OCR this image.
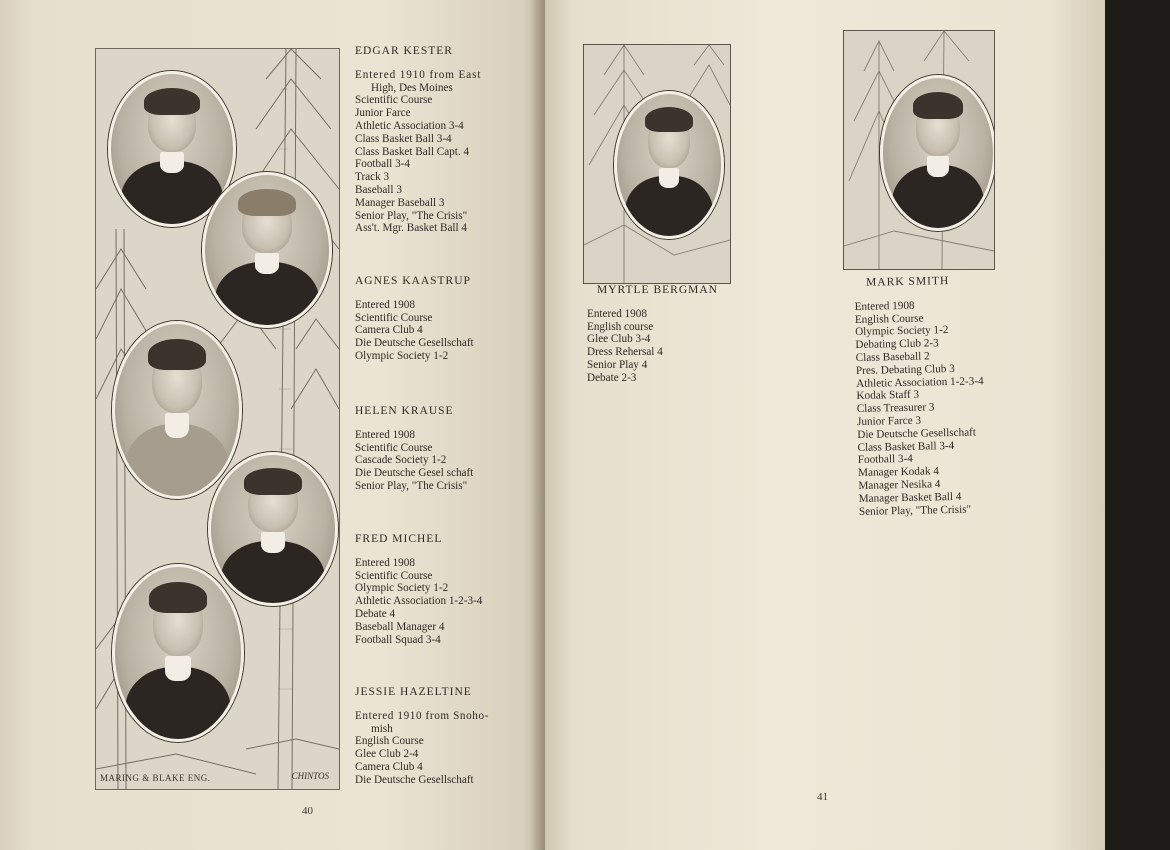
MARING & BLAKE ENG.	CHINTOS
EDGAR KESTER
Entered 1910 from East
High, Des Moines
Scientific Course
Junior Farce
Athletic Association 3-4
Class Basket Ball 3-4
Class Basket Ball Capt. 4
Football 3-4
Track 3
Baseball 3
Manager Baseball 3
Senior Play, "The Crisis"
Ass't. Mgr. Basket Ball 4
AGNES KAASTRUP
Entered 1908
Scientific Course
Camera Club 4
Die Deutsche Gesellschaft
Olympic Society 1-2
HELEN KRAUSE
Entered 1908
Scientific Course
Cascade Society 1-2
Die Deutsche Gesel schaft
Senior Play, "The Crisis"
FRED MICHEL
Entered 1908
Scientific Course
Olympic Society 1-2
Athletic Association 1-2-3-4
Debate 4
Baseball Manager 4
Football Squad 3-4
JESSIE HAZELTINE
Entered 1910 from Snoho-
mish
English Course
Glee Club 2-4
Camera Club 4
Die Deutsche Gesellschaft
40
MYRTLE BERGMAN
Entered 1908
English course
Glee Club 3-4
Dress Rehersal 4
Senior Play 4
Debate 2-3
MARK SMITH
Entered 1908
English Course
Olympic Society 1-2
Debating Club 2-3
Class Baseball 2
Pres. Debating Club 3
Athletic Association 1-2-3-4
Kodak Staff 3
Class Treasurer 3
Junior Farce 3
Die Deutsche Gesellschaft
Class Basket Ball 3-4
Football 3-4
Manager Kodak 4
Manager Nesika 4
Manager Basket Ball 4
Senior Play, "The Crisis"
41
